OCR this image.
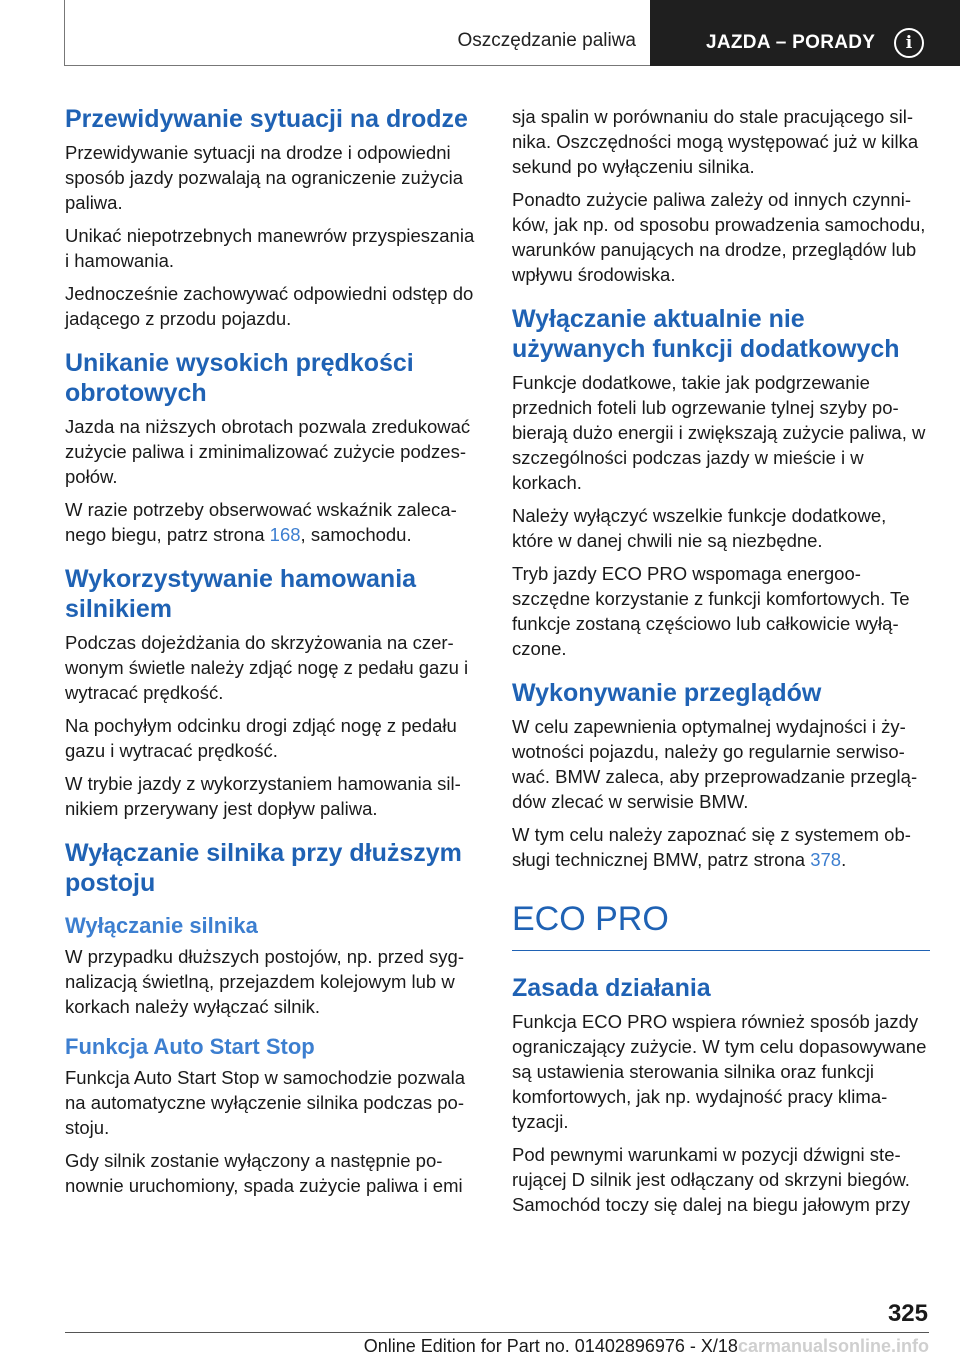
Oszczędzanie paliwa	JAZDA – PORADY	i
Przewidywanie sytuacji na drodze

Przewidywanie sytuacji na drodze i odpowiedni sposób jazdy pozwalają na ograniczenie zużycia paliwa.

Unikać niepotrzebnych manewrów przyspieszania i hamowania.

Jednocześnie zachowywać odpowiedni odstęp do jadącego z przodu pojazdu.

Unikanie wysokich prędkości obrotowych

Jazda na niższych obrotach pozwala zredukować zużycie paliwa i zminimalizować zużycie podzespołów.

W razie potrzeby obserwować wskaźnik zalecanego biegu, patrz strona 168, samochodu.

Wykorzystywanie hamowania silnikiem

Podczas dojeżdżania do skrzyżowania na czerwonym świetle należy zdjąć nogę z pedału gazu i wytracać prędkość.

Na pochyłym odcinku drogi zdjąć nogę z pedału gazu i wytracać prędkość.

W trybie jazdy z wykorzystaniem hamowania silnikiem przerywany jest dopływ paliwa.

Wyłączanie silnika przy dłuższym postoju
Wyłączanie silnika

W przypadku dłuższych postojów, np. przed sygnalizacją świetlną, przejazdem kolejowym lub w korkach należy wyłączać silnik.

Funkcja Auto Start Stop

Funkcja Auto Start Stop w samochodzie pozwala na automatyczne wyłączenie silnika podczas postoju.

Gdy silnik zostanie wyłączony a następnie ponownie uruchomiony, spada zużycie paliwa i emi

sja spalin w porównaniu do stale pracującego silnika. Oszczędności mogą występować już w kilka sekund po wyłączeniu silnika.

Ponadto zużycie paliwa zależy od innych czynników, jak np. od sposobu prowadzenia samochodu, warunków panujących na drodze, przeglądów lub wpływu środowiska.

Wyłączanie aktualnie nie używanych funkcji dodatkowych

Funkcje dodatkowe, takie jak podgrzewanie przednich foteli lub ogrzewanie tylnej szyby pobierają dużo energii i zwiększają zużycie paliwa, w szczególności podczas jazdy w mieście i w korkach.

Należy wyłączyć wszelkie funkcje dodatkowe, które w danej chwili nie są niezbędne.

Tryb jazdy ECO PRO wspomaga energooszczędne korzystanie z funkcji komfortowych. Te funkcje zostaną częściowo lub całkowicie wyłączone.

Wykonywanie przeglądów

W celu zapewnienia optymalnej wydajności i żywotności pojazdu, należy go regularnie serwisować. BMW zaleca, aby przeprowadzanie przeglądów zlecać w serwisie BMW.

W tym celu należy zapoznać się z systemem obsługi technicznej BMW, patrz strona 378.

ECO PRO
Zasada działania

Funkcja ECO PRO wspiera również sposób jazdy ograniczający zużycie. W tym celu dopasowywane są ustawienia sterowania silnika oraz funkcji komfortowych, jak np. wydajność pracy klimatyzacji.

Pod pewnymi warunkami w pozycji dźwigni sterującej D silnik jest odłączany od skrzyni biegów. Samochód toczy się dalej na biegu jałowym przy

325
Online Edition for Part no. 01402896976 - X/18carmanualsonline.info
